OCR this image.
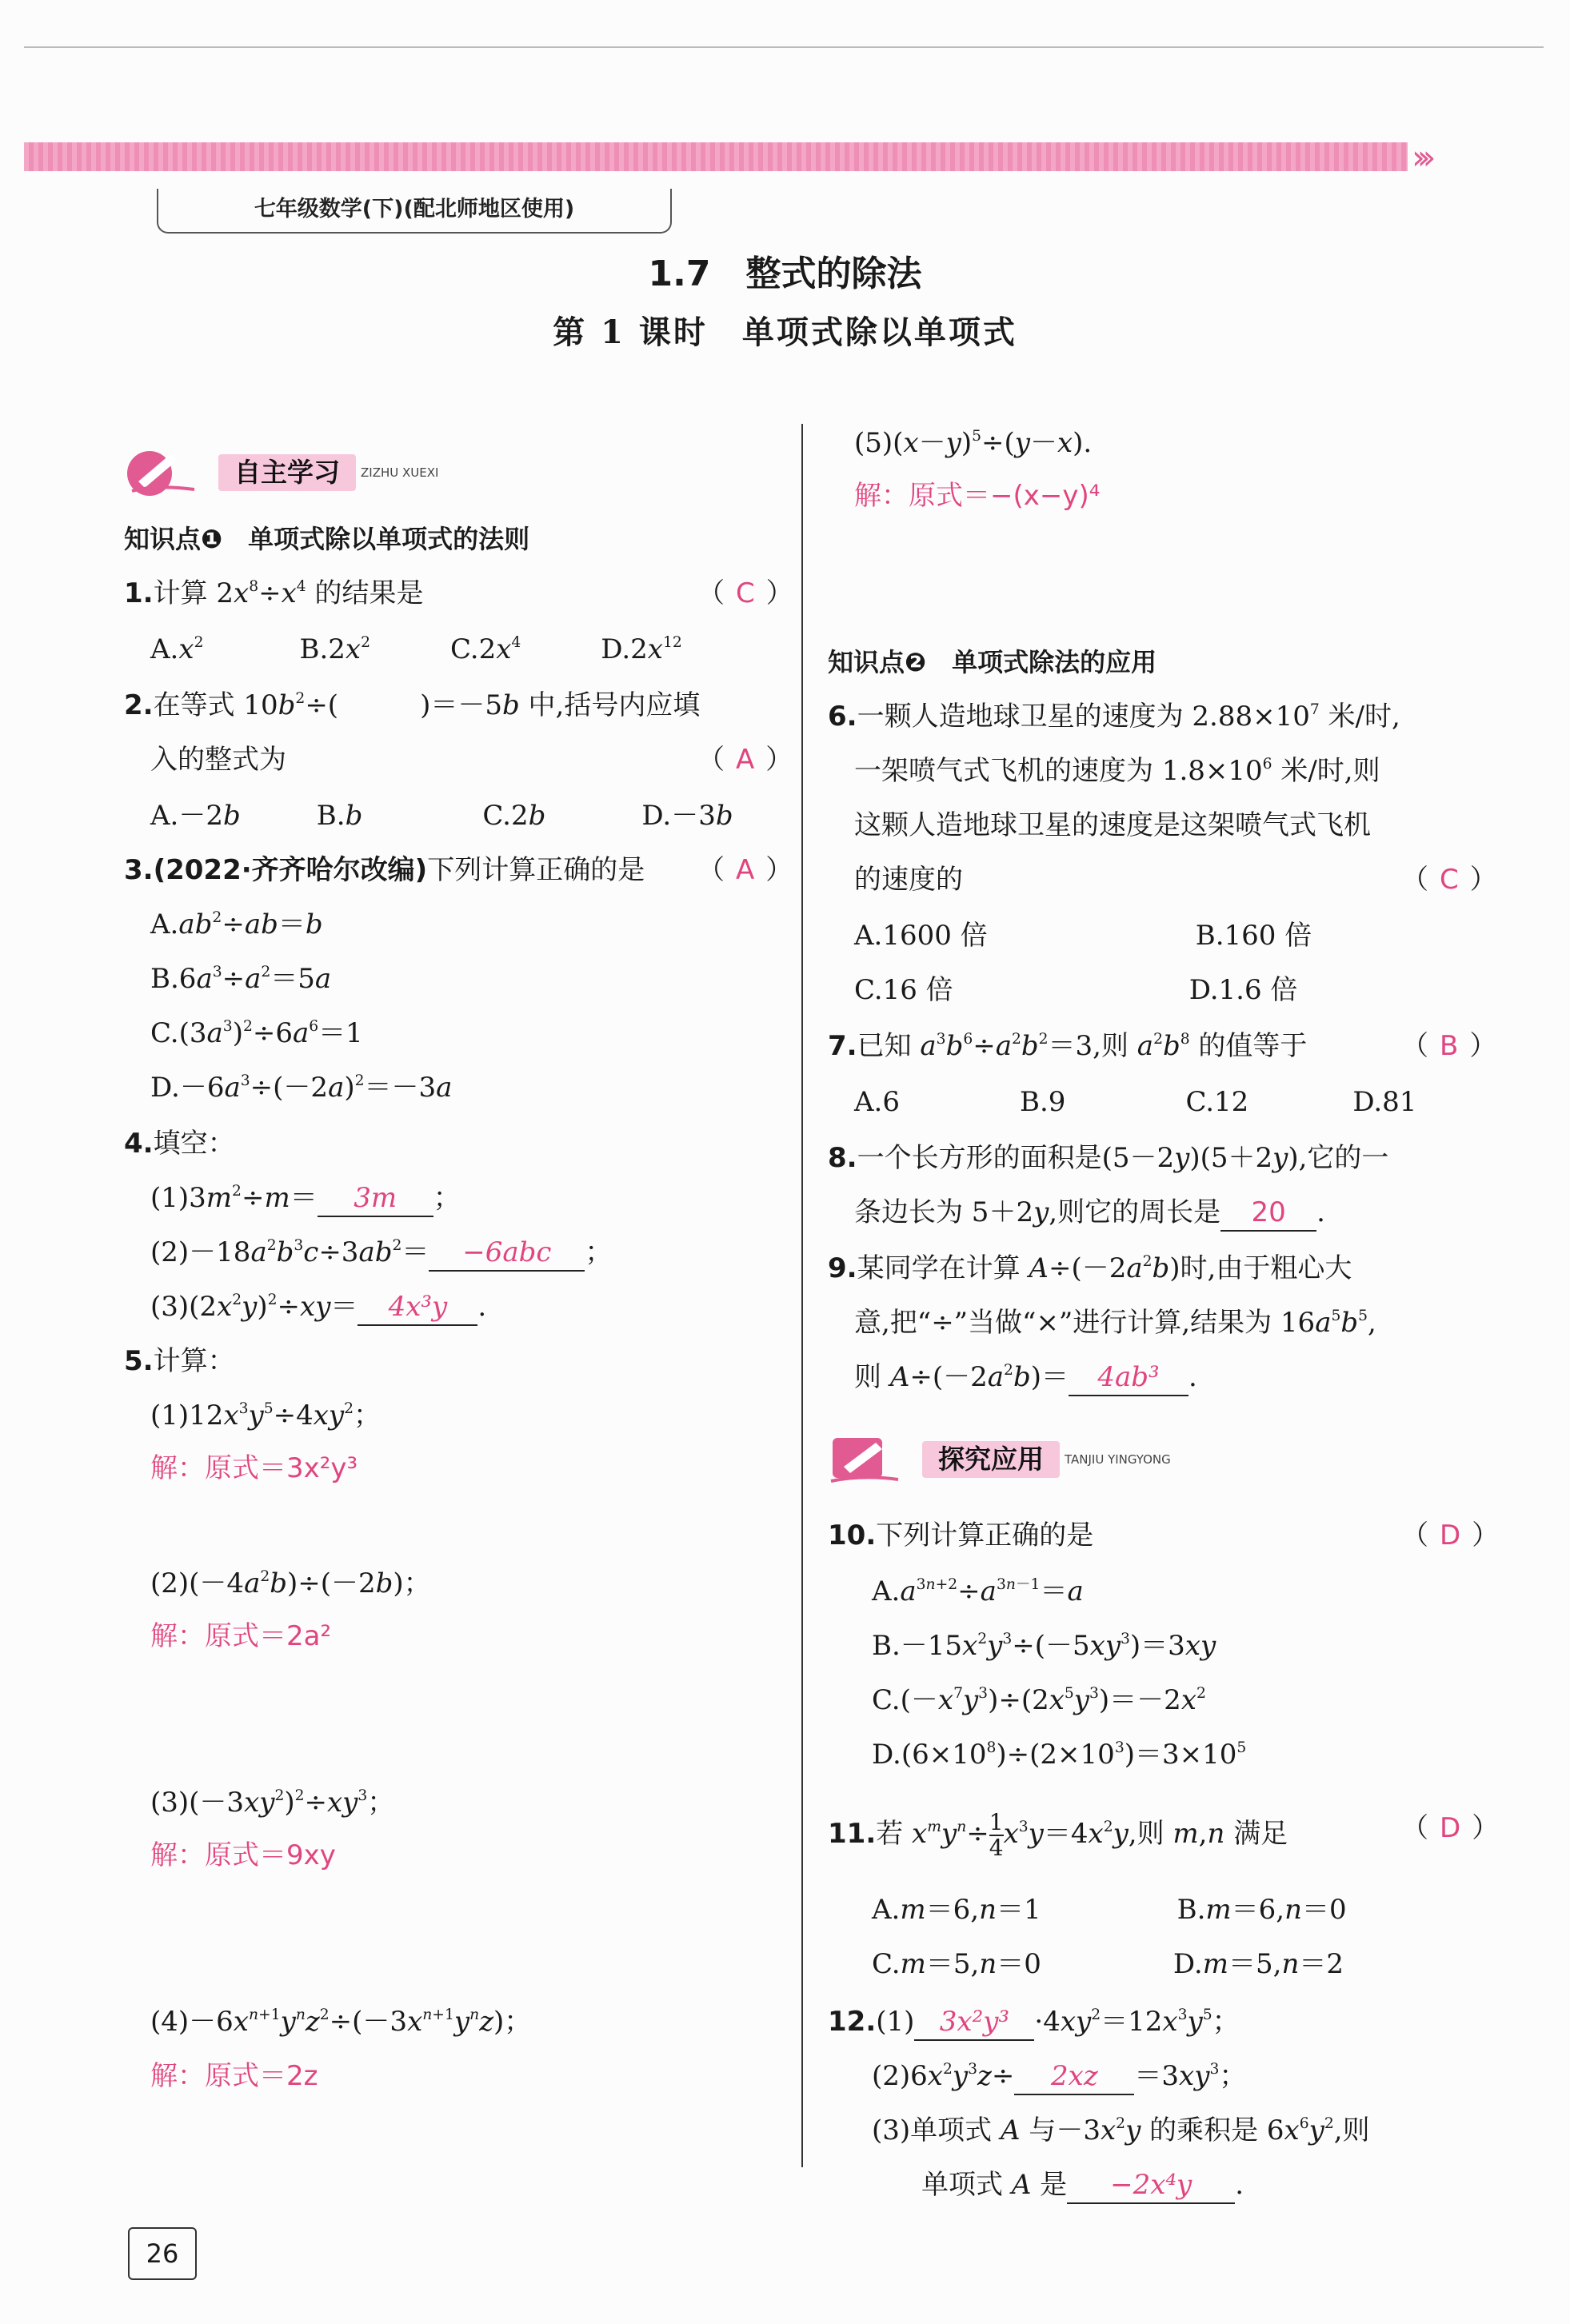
›››
七年级数学(下)(配北师地区使用)
1.7　整式的除法
第 1 课时　单项式除以单项式
自主学习	ZIZHU XUEXI
知识点❶　单项式除以单项式的法则
1.计算 $2x^8\div x^4$ 的结果是	（ C ）
$A.x^2$	$B.2x^2$	$C.2x^4$	$D.2x^{12}$
2.在等式 $10b^2\div$(　　　)＝－5b 中,括号内应填
入的整式为	（ A ）
A.－2b	B.b	C.2b	D.－3b
3.(2022·齐齐哈尔改编)下列计算正确的是 （ A ）
$A.ab^2\div ab=b$
$B.6a^3\div a^2=5a$
$C.(3a^3)^2\div 6a^6=1$
$D.-6a^3\div(-2a)^2=-3a$
4.填空：
$(1)3m^2\div m= 3m$ ；
$(2)-18a^2b^3c\div 3ab^2= -6abc$ ；
$(3)(2x^2y)^2\div xy= 4x^3y$ .
5.计算：
$(1)12x^3y^5\div 4xy^2$；
解：原式＝3x²y³
$(2)(-4a^2b)\div(-2b)$；
解：原式＝2a²
$(3)(-3xy^2)^2\div xy^3$；
解：原式＝9xy
$(4)-6x^{n+1}y^nz^2\div(-3x^{n+1}y^nz)$；
解：原式＝2z
$(5)(x-y)^5\div(y-x)$.
解：原式＝−(x−y)⁴
知识点❷　单项式除法的应用
6.一颗人造地球卫星的速度为 $2.88\times 10^7$ 米/时,
一架喷气式飞机的速度为 $1.8\times 10^6$ 米/时,则
这颗人造地球卫星的速度是这架喷气式飞机
的速度的	（ C ）
A.1600 倍	B.160 倍
C.16 倍	D.1.6 倍
7.已知 $a^3b^6\div a^2b^2=3$,则 $a^2b^8$ 的值等于	（ B ）
A.6	B.9	C.12	D.81
8.一个长方形的面积是(5－2y)(5＋2y),它的一
条边长为 5＋2y,则它的周长是 20 .
9.某同学在计算 $A\div(-2a^2b)$时,由于粗心大
意,把“÷”当做“×”进行计算,结果为 $16a^5b^5$,
则 $A\div(-2a^2b)= 4ab^3$ .
探究应用	TANJIU YINGYONG
10.下列计算正确的是	（ D ）
$A.a^{3n+2}\div a^{3n-1}=a$
$B.-15x^2y^3\div(-5xy^3)=3xy$
$C.(-x^7y^3)\div(2x^5y^3)=-2x^2$
$D.(6\times 10^8)\div(2\times 10^3)=3\times 10^5$
11.若 $x^my^n\div \frac{1}{4} x^3y=4x^2y$,则 m,n 满足	（ D ）
A.m＝6,n＝1	B.m＝6,n＝0
C.m＝5,n＝0	D.m＝5,n＝2
12.(1) $3x^2y^3 \cdot 4xy^2=12x^3y^5$；
$(2)6x^2y^3z\div 2xz =3xy^3$；
(3)单项式 A 与$-3x^2y$ 的乘积是 $6x^6y^2$,则
单项式 A 是 −2x⁴y .
26
